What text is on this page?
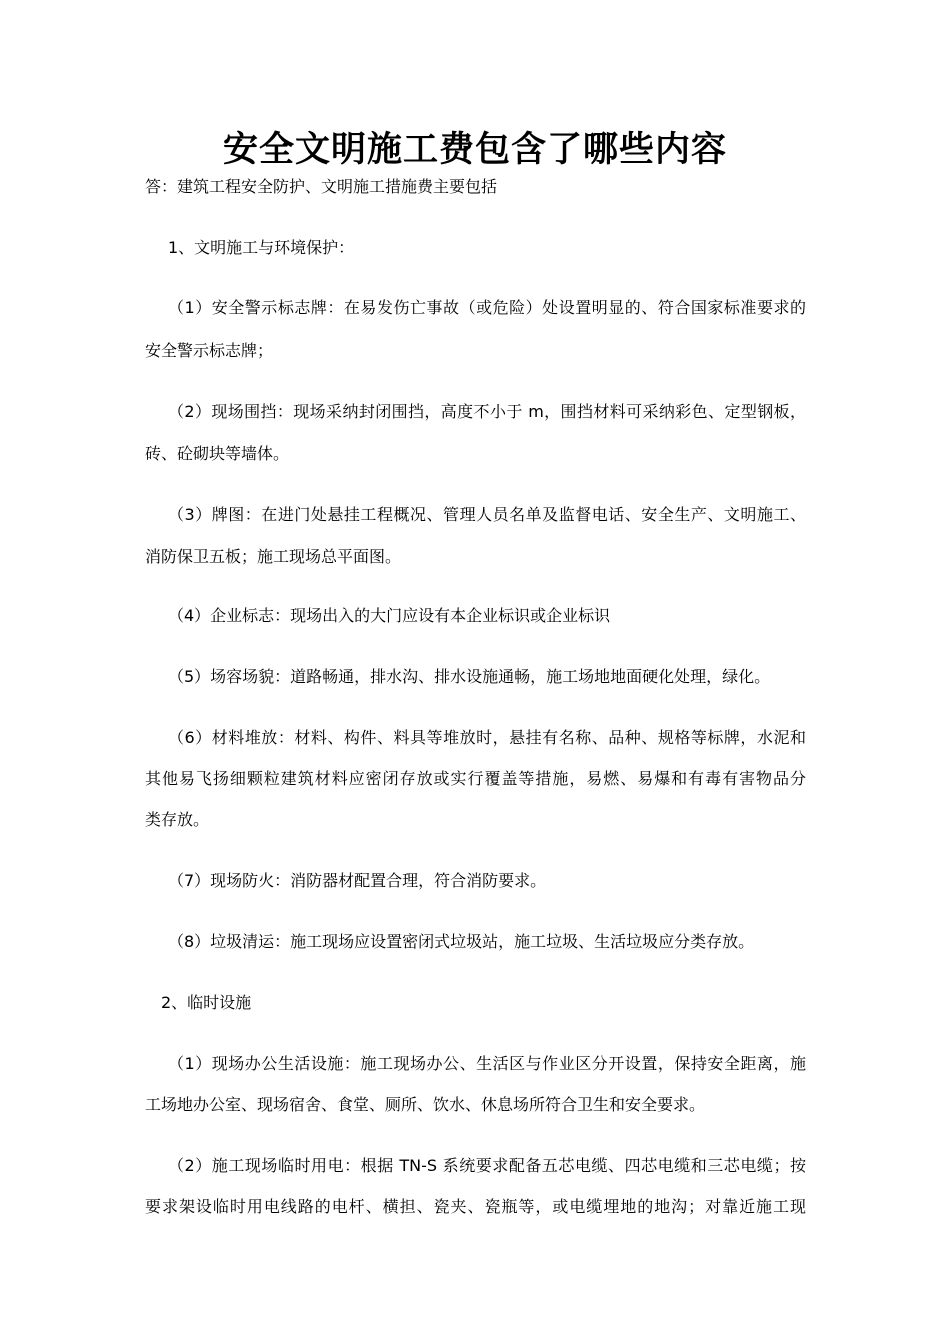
安全文明施工费包含了哪些内容

答：建筑工程安全防护、文明施工措施费主要包括

1、文明施工与环境保护：

（1）安全警示标志牌：在易发伤亡事故（或危险）处设置明显的、符合国家标准要求的

安全警示标志牌；

（2）现场围挡：现场采纳封闭围挡，高度不小于 m，围挡材料可采纳彩色、定型钢板，

砖、砼砌块等墙体。

（3）牌图：在进门处悬挂工程概况、管理人员名单及监督电话、安全生产、文明施工、

消防保卫五板；施工现场总平面图。

（4）企业标志：现场出入的大门应设有本企业标识或企业标识

（5）场容场貌：道路畅通，排水沟、排水设施通畅，施工场地地面硬化处理，绿化。

（6）材料堆放：材料、构件、料具等堆放时，悬挂有名称、品种、规格等标牌，水泥和

其他易飞扬细颗粒建筑材料应密闭存放或实行覆盖等措施，易燃、易爆和有毒有害物品分

类存放。

（7）现场防火：消防器材配置合理，符合消防要求。

（8）垃圾清运：施工现场应设置密闭式垃圾站，施工垃圾、生活垃圾应分类存放。

2、临时设施

（1）现场办公生活设施：施工现场办公、生活区与作业区分开设置，保持安全距离，施

工场地办公室、现场宿舍、食堂、厕所、饮水、休息场所符合卫生和安全要求。

（2）施工现场临时用电：根据 TN-S 系统要求配备五芯电缆、四芯电缆和三芯电缆；按

要求架设临时用电线路的电杆、横担、瓷夹、瓷瓶等，或电缆埋地的地沟；对靠近施工现
